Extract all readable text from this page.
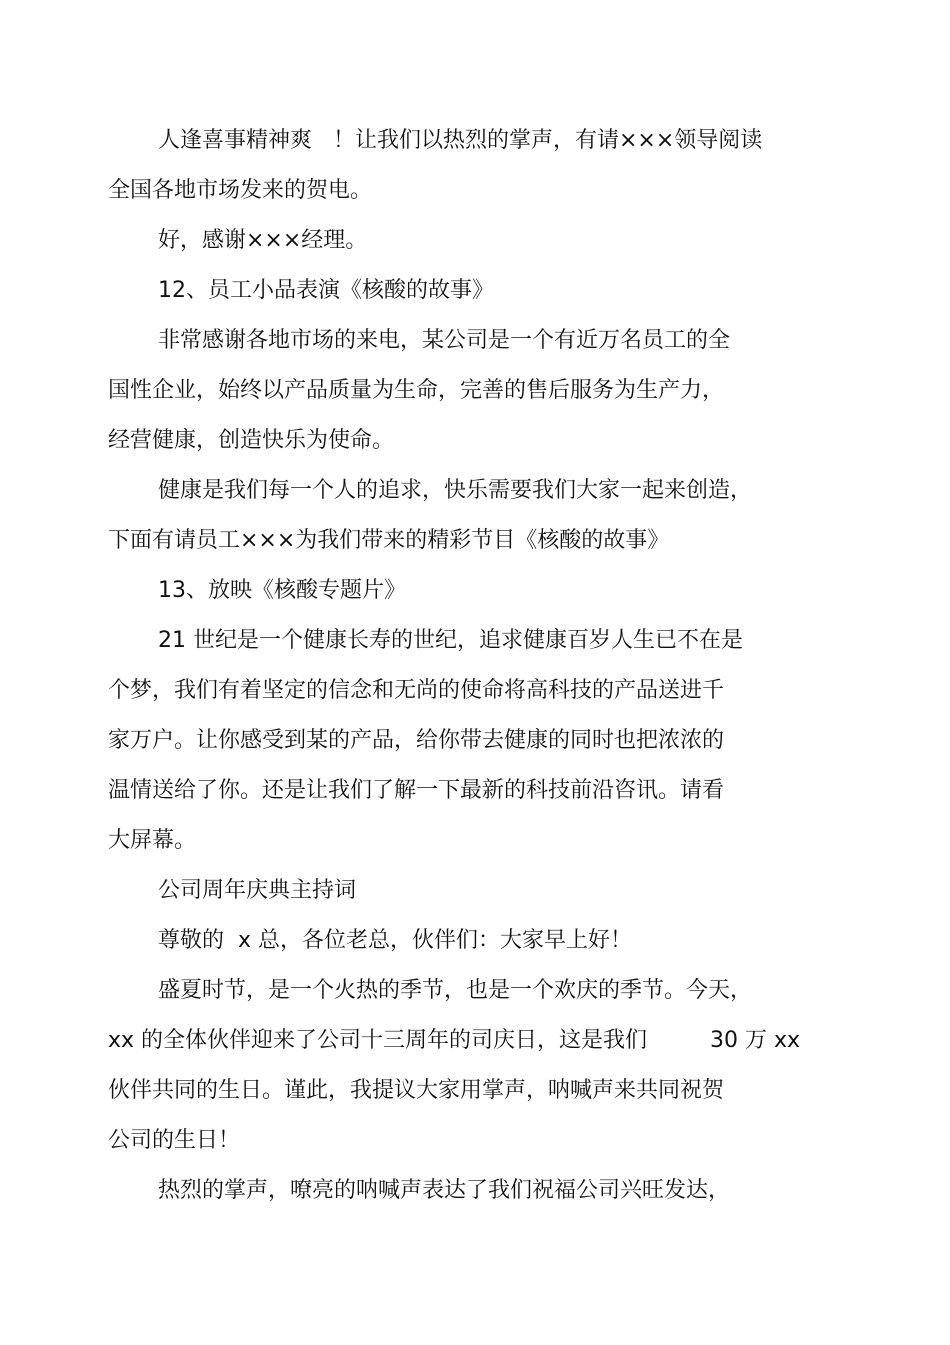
人逢喜事精神爽   ！让我们以热烈的掌声，有请×××领导阅读
全国各地市场发来的贺电。
好，感谢×××经理。
12、员工小品表演《核酸的故事》
非常感谢各地市场的来电，某公司是一个有近万名员工的全
国性企业，始终以产品质量为生命，完善的售后服务为生产力，
经营健康，创造快乐为使命。
健康是我们每一个人的追求，快乐需要我们大家一起来创造，
下面有请员工×××为我们带来的精彩节目《核酸的故事》
13、放映《核酸专题片》
21 世纪是一个健康长寿的世纪，追求健康百岁人生已不在是
个梦，我们有着坚定的信念和无尚的使命将高科技的产品送进千
家万户。让你感受到某的产品，给你带去健康的同时也把浓浓的
温情送给了你。还是让我们了解一下最新的科技前沿咨讯。请看
大屏幕。
公司周年庆典主持词
尊敬的  x 总，各位老总，伙伴们：大家早上好！
盛夏时节，是一个火热的季节，也是一个欢庆的季节。今天，
xx 的全体伙伴迎来了公司十三周年的司庆日，这是我们         30 万 xx
伙伴共同的生日。谨此，我提议大家用掌声，呐喊声来共同祝贺
公司的生日！
热烈的掌声，嘹亮的呐喊声表达了我们祝福公司兴旺发达，
